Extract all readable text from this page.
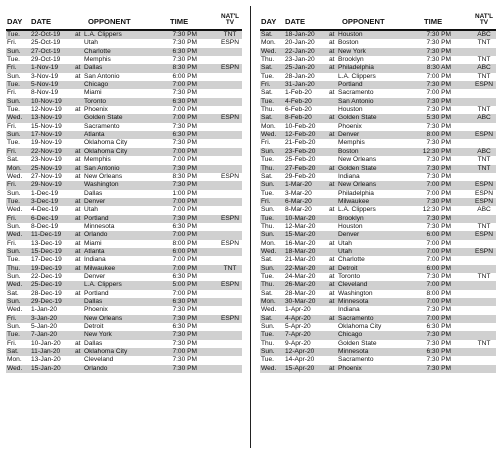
DAY DATE	OPPONENT	TIME
NAT'L TV
Tue. 22-Oct-19 at L.A. Clippers	7:30 PM	TNT
Fri. 25-Oct-19	Utah	7:30 PM	ESPN
Sun. 27-Oct-19	Charlotte	6:30 PM
Tue. 29-Oct-19	Memphis	7:30 PM
Fri. 1-Nov-19	at Dallas	8:30 PM	ESPN
Sun. 3-Nov-19	at San Antonio	6:00 PM
Tue. 5-Nov-19	Chicago	7:00 PM
Fri. 8-Nov-19	Miami	7:30 PM
Sun. 10-Nov-19	Toronto	6:30 PM
Tue. 12-Nov-19 at Phoenix	7:00 PM
Wed. 13-Nov-19	Golden State	7:00 PM	ESPN
Fri. 15-Nov-19	Sacramento	7:30 PM
Sun. 17-Nov-19	Atlanta	6:30 PM
Tue. 19-Nov-19	Oklahoma City	7:30 PM
Fri. 22-Nov-19 at Oklahoma City	7:00 PM
Sat. 23-Nov-19 at Memphis	7:00 PM
Mon. 25-Nov-19 at San Antonio	7:30 PM
Wed. 27-Nov-19 at New Orleans	8:30 PM	ESPN
Fri. 29-Nov-19	Washington	7:30 PM
Sun. 1-Dec-19	Dallas	1:00 PM
Tue. 3-Dec-19	at Denver	7:00 PM
Wed. 4-Dec-19	at Utah	7:00 PM
Fri. 6-Dec-19	at Portland	7:30 PM	ESPN
Sun. 8-Dec-19	Minnesota	6:30 PM
Wed. 11-Dec-19 at Orlando	7:00 PM
Fri. 13-Dec-19 at Miami	8:00 PM	ESPN
Sun. 15-Dec-19 at Atlanta	6:00 PM
Tue. 17-Dec-19 at Indiana	7:00 PM
Thu. 19-Dec-19 at Milwaukee	7:00 PM	TNT
Sun. 22-Dec-19	Denver	6:30 PM
Wed. 25-Dec-19	L.A. Clippers	5:00 PM	ESPN
Sat. 28-Dec-19 at Portland	7:00 PM
Sun. 29-Dec-19	Dallas	6:30 PM
Wed. 1-Jan-20	Phoenix	7:30 PM
Fri. 3-Jan-20	New Orleans	7:30 PM	ESPN
Sun. 5-Jan-20	Detroit	6:30 PM
Tue. 7-Jan-20	New York	7:30 PM
Fri. 10-Jan-20 at Dallas	7:30 PM
Sat. 11-Jan-20 at Oklahoma City	7:00 PM
Mon. 13-Jan-20	Cleveland	7:30 PM
Wed. 15-Jan-20	Orlando	7:30 PM
DAY DATE	OPPONENT	TIME
NAT'L TV
Sat. 18-Jan-20 at Houston	7:30 PM	ABC
Mon. 20-Jan-20 at Boston	7:30 PM	TNT
Wed. 22-Jan-20 at New York	7:30 PM
Thu. 23-Jan-20 at Brooklyn	7:30 PM	TNT
Sat. 25-Jan-20 at Philadelphia	8:30 AM	ABC
Tue. 28-Jan-20	L.A. Clippers	7:00 PM	TNT
Fri. 31-Jan-20	Portland	7:30 PM	ESPN
Sat. 1-Feb-20	at Sacramento	7:00 PM
Tue. 4-Feb-20	San Antonio	7:30 PM
Thu. 6-Feb-20	Houston	7:30 PM	TNT
Sat. 8-Feb-20	at Golden State	5:30 PM	ABC
Mon. 10-Feb-20	Phoenix	7:30 PM
Wed. 12-Feb-20 at Denver	8:00 PM	ESPN
Fri. 21-Feb-20	Memphis	7:30 PM
Sun. 23-Feb-20	Boston	12:30 PM	ABC
Tue. 25-Feb-20	New Orleans	7:30 PM	TNT
Thu. 27-Feb-20 at Golden State	7:30 PM	TNT
Sat. 29-Feb-20	Indiana	7:30 PM
Sun. 1-Mar-20	at New Orleans	7:00 PM	ESPN
Tue. 3-Mar-20	Philadelphia	7:00 PM	ESPN
Fri. 6-Mar-20	Milwaukee	7:30 PM	ESPN
Sun. 8-Mar-20	at L.A. Clippers	12:30 PM	ABC
Tue. 10-Mar-20	Brooklyn	7:30 PM
Thu. 12-Mar-20	Houston	7:30 PM	TNT
Sun. 15-Mar-20	Denver	6:00 PM	ESPN
Mon. 16-Mar-20 at Utah	7:00 PM
Wed. 18-Mar-20	Utah	7:00 PM	ESPN
Sat. 21-Mar-20 at Charlotte	7:00 PM
Sun. 22-Mar-20 at Detroit	6:00 PM
Tue. 24-Mar-20 at Toronto	7:30 PM	TNT
Thu. 26-Mar-20 at Cleveland	7:00 PM
Sat. 28-Mar-20 at Washington	8:00 PM
Mon. 30-Mar-20 at Minnesota	7:00 PM
Wed. 1-Apr-20	Indiana	7:30 PM
Sat. 4-Apr-20	at Sacramento	7:00 PM
Sun. 5-Apr-20	Oklahoma City	6:30 PM
Tue. 7-Apr-20	Chicago	7:30 PM
Thu. 9-Apr-20	Golden State	7:30 PM	TNT
Sun. 12-Apr-20	Minnesota	6:30 PM
Tue. 14-Apr-20	Sacramento	7:30 PM
Wed. 15-Apr-20 at Phoenix	7:30 PM
